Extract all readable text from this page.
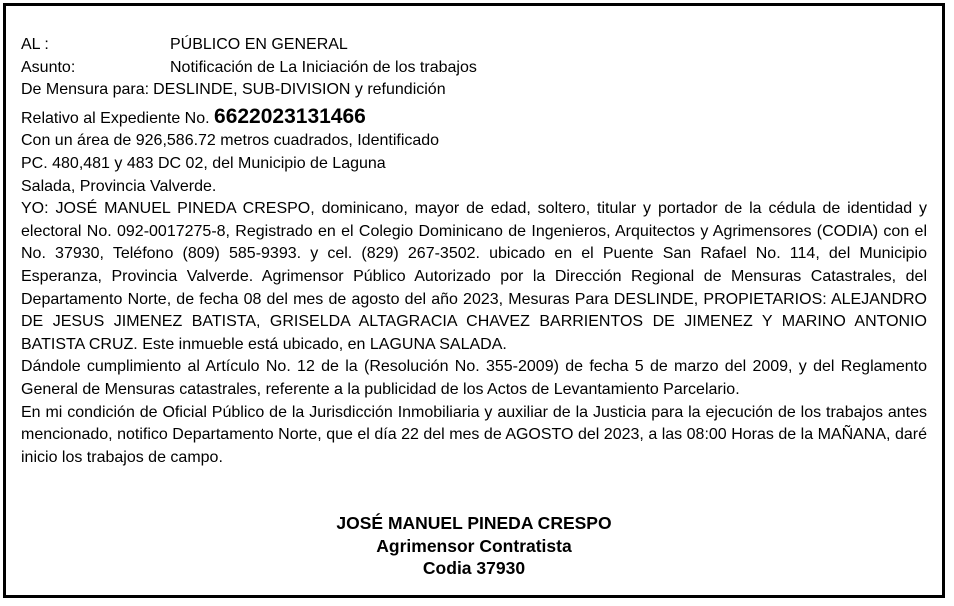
AL :	PÚBLICO EN GENERAL
Asunto:	Notificación de La Iniciación de los trabajos
De Mensura para: DESLINDE, SUB-DIVISION y refundición
Relativo al Expediente No. 6622023131466
Con un área de 926,586.72 metros cuadrados, Identificado
PC. 480,481 y 483 DC 02, del Municipio de Laguna
Salada, Provincia Valverde.
YO: JOSÉ MANUEL PINEDA CRESPO, dominicano, mayor de edad, soltero, titular y portador de la cédula de identidad y electoral No. 092-0017275-8, Registrado en el Colegio Dominicano de Ingenieros, Arquitectos y Agrimensores (CODIA) con el No. 37930, Teléfono (809) 585-9393. y cel. (829) 267-3502. ubicado en el Puente San Rafael No. 114, del Municipio Esperanza, Provincia Valverde. Agrimensor Público Autorizado por la Dirección Regional de Mensuras Catastrales, del Departamento Norte, de fecha 08 del mes de agosto del año 2023, Mesuras Para DESLINDE, PROPIETARIOS: ALEJANDRO DE JESUS JIMENEZ BATISTA, GRISELDA ALTAGRACIA CHAVEZ BARRIENTOS DE JIMENEZ Y MARINO ANTONIO BATISTA CRUZ. Este inmueble está ubicado, en LAGUNA SALADA.
Dándole cumplimiento al Artículo No. 12 de la (Resolución No. 355-2009) de fecha 5 de marzo del 2009, y del Reglamento General de Mensuras catastrales, referente a la publicidad de los Actos de Levantamiento Parcelario.
En mi condición de Oficial Público de la Jurisdicción Inmobiliaria y auxiliar de la Justicia para la ejecución de los trabajos antes mencionado, notifico Departamento Norte, que el día 22 del mes de AGOSTO del 2023, a las 08:00 Horas de la MAÑANA, daré inicio los trabajos de campo.
JOSÉ MANUEL PINEDA CRESPO
Agrimensor Contratista
Codia 37930
